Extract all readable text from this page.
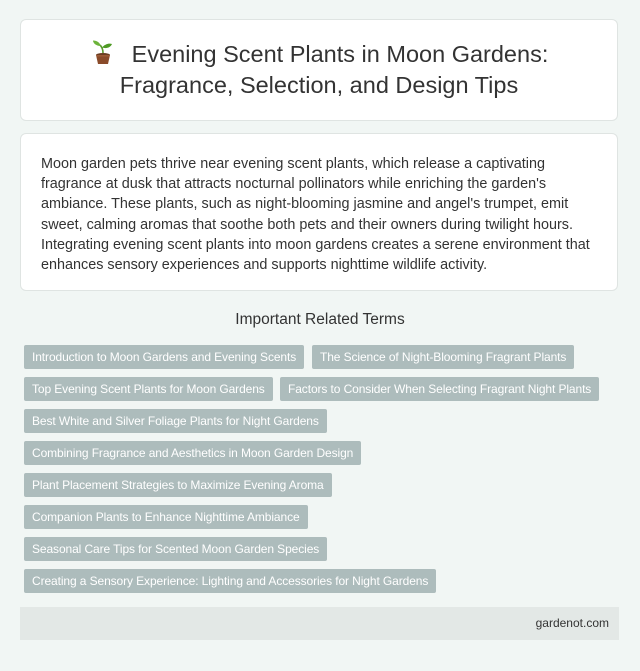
Evening Scent Plants in Moon Gardens:
Fragrance, Selection, and Design Tips

Moon garden pets thrive near evening scent plants, which release a captivating fragrance at dusk that attracts nocturnal pollinators while enriching the garden's ambiance. These plants, such as night-blooming jasmine and angel's trumpet, emit sweet, calming aromas that soothe both pets and their owners during twilight hours. Integrating evening scent plants into moon gardens creates a serene environment that enhances sensory experiences and supports nighttime wildlife activity.

Important Related Terms
Introduction to Moon Gardens and Evening Scents	The Science of Night-Blooming Fragrant Plants
Top Evening Scent Plants for Moon Gardens	Factors to Consider When Selecting Fragrant Night Plants
Best White and Silver Foliage Plants for Night Gardens
Combining Fragrance and Aesthetics in Moon Garden Design
Plant Placement Strategies to Maximize Evening Aroma
Companion Plants to Enhance Nighttime Ambiance
Seasonal Care Tips for Scented Moon Garden Species
Creating a Sensory Experience: Lighting and Accessories for Night Gardens
gardenot.com
